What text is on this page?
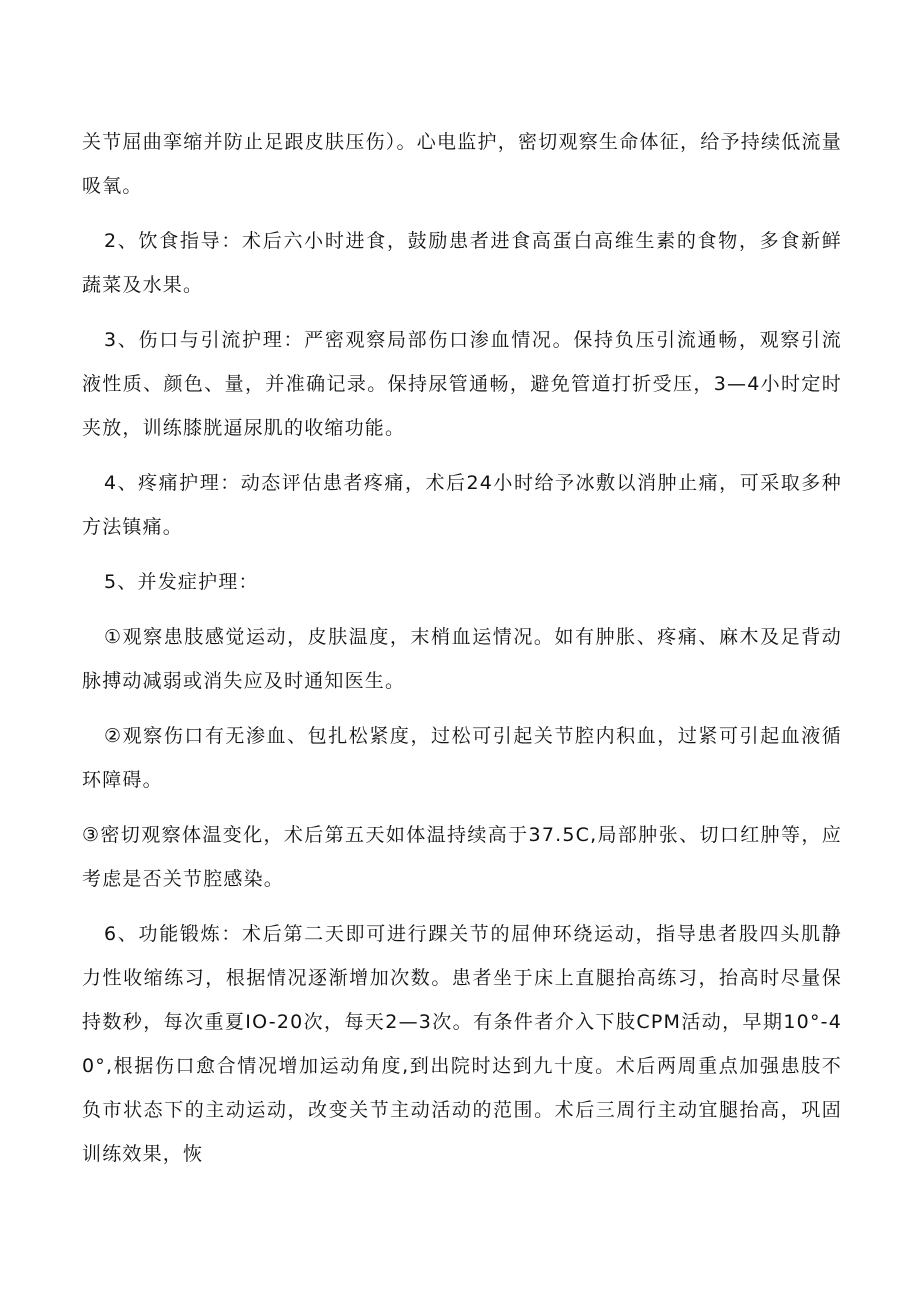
关节屈曲挛缩并防止足跟皮肤压伤）。心电监护，密切观察生命体征，给予持续低流量吸氧。

2、饮食指导：术后六小时进食，鼓励患者进食高蛋白高维生素的食物，多食新鲜蔬菜及水果。

3、伤口与引流护理：严密观察局部伤口渗血情况。保持负压引流通畅，观察引流液性质、颜色、量，并准确记录。保持尿管通畅，避免管道打折受压，3—4小时定时夹放，训练膝胱逼尿肌的收缩功能。

4、疼痛护理：动态评估患者疼痛，术后24小时给予冰敷以消肿止痛，可采取多种方法镇痛。

5、并发症护理：

①观察患肢感觉运动，皮肤温度，末梢血运情况。如有肿胀、疼痛、麻木及足背动脉搏动减弱或消失应及时通知医生。

②观察伤口有无渗血、包扎松紧度，过松可引起关节腔内积血，过紧可引起血液循环障碍。

③密切观察体温变化，术后第五天如体温持续高于37.5C,局部肿张、切口红肿等，应考虑是否关节腔感染。

6、功能锻炼：术后第二天即可进行踝关节的屈伸环绕运动，指导患者股四头肌静力性收缩练习，根据情况逐渐增加次数。患者坐于床上直腿抬高练习，抬高时尽量保持数秒，每次重夏IO-20次，每天2—3次。有条件者介入下肢CPM活动，早期10°-40°,根据伤口愈合情况增加运动角度,到出院时达到九十度。术后两周重点加强患肢不负市状态下的主动运动，改变关节主动活动的范围。术后三周行主动宜腿抬高，巩固训练效果，恢
